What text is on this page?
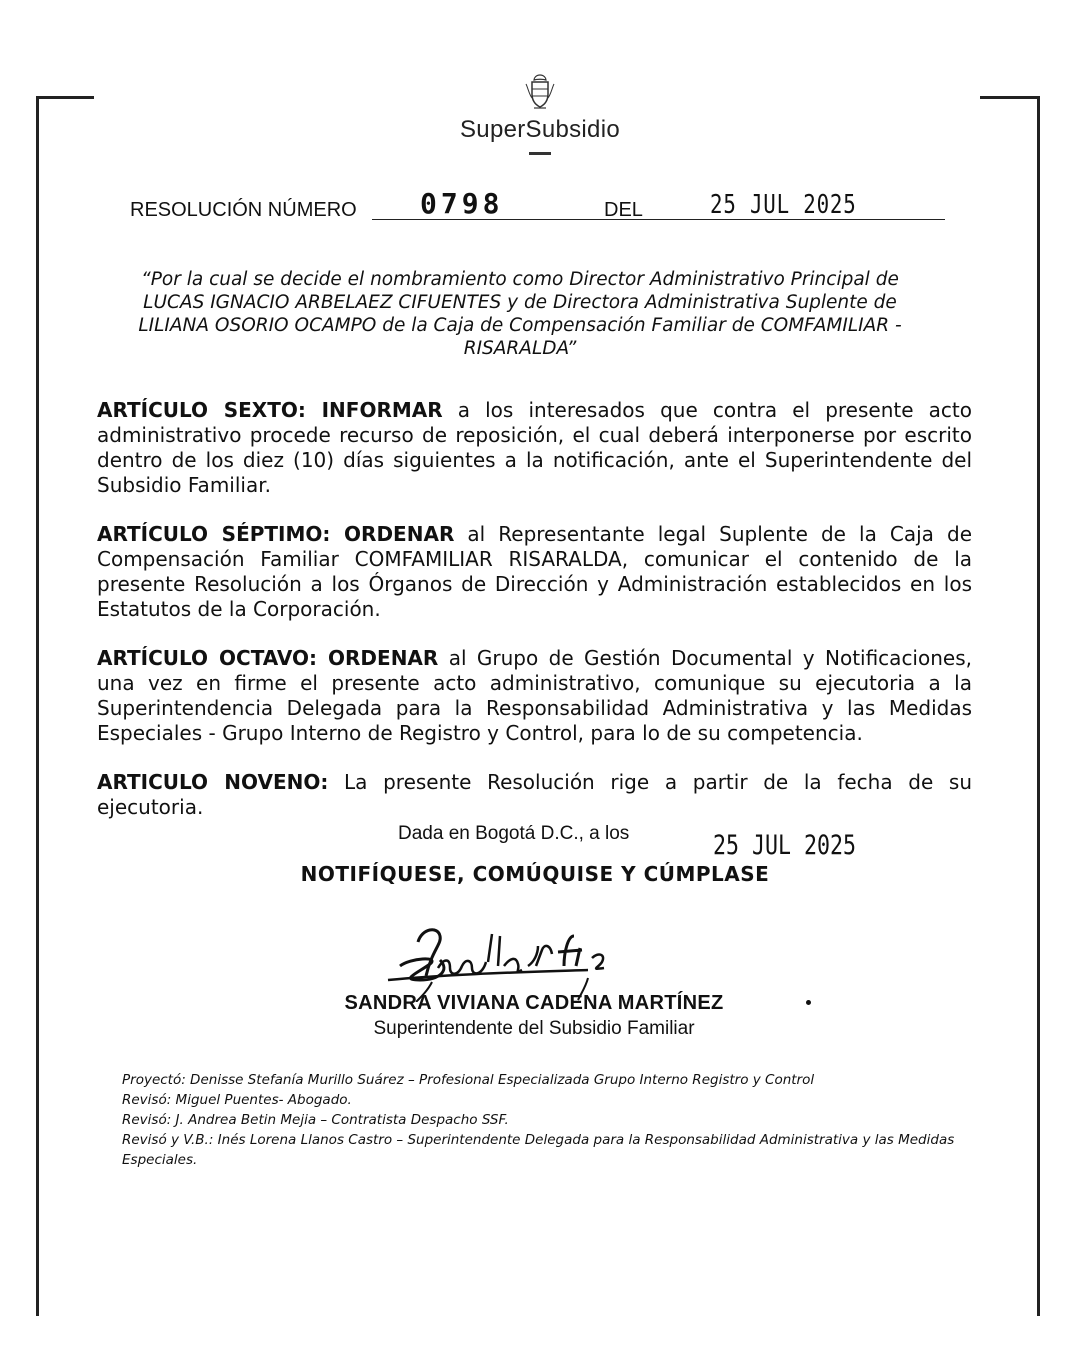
SuperSubsidio
RESOLUCIÓN NÚMERO 0798	DEL	25 JUL 2025
“Por la cual se decide el nombramiento como Director Administrativo Principal de LUCAS IGNACIO ARBELAEZ CIFUENTES y de Directora Administrativa Suplente de LILIANA OSORIO OCAMPO de la Caja de Compensación Familiar de COMFAMILIAR - RISARALDA”

ARTÍCULO SEXTO: INFORMAR a los interesados que contra el presente acto administrativo procede recurso de reposición, el cual deberá interponerse por escrito dentro de los diez (10) días siguientes a la notificación, ante el Superintendente del Subsidio Familiar.

ARTÍCULO SÉPTIMO: ORDENAR al Representante legal Suplente de la Caja de Compensación Familiar COMFAMILIAR RISARALDA, comunicar el contenido de la presente Resolución a los Órganos de Dirección y Administración establecidos en los Estatutos de la Corporación.

ARTÍCULO OCTAVO: ORDENAR al Grupo de Gestión Documental y Notificaciones, una vez en firme el presente acto administrativo, comunique su ejecutoria a la Superintendencia Delegada para la Responsabilidad Administrativa y las Medidas Especiales - Grupo Interno de Registro y Control, para lo de su competencia.

ARTICULO NOVENO: La presente Resolución rige a partir de la fecha de su ejecutoria.

Dada en Bogotá D.C., a los	25 JUL 2025
NOTIFÍQUESE, COMÚQUISE Y CÚMPLASE
SANDRA VIVIANA CADENA MARTÍNEZ
Superintendente del Subsidio Familiar
Proyectó: Denisse Stefanía Murillo Suárez – Profesional Especializada Grupo Interno Registro y Control
Revisó: Miguel Puentes- Abogado.
Revisó: J. Andrea Betin Mejia – Contratista Despacho SSF.
Revisó y V.B.: Inés Lorena Llanos Castro – Superintendente Delegada para la Responsabilidad Administrativa y las Medidas Especiales.
